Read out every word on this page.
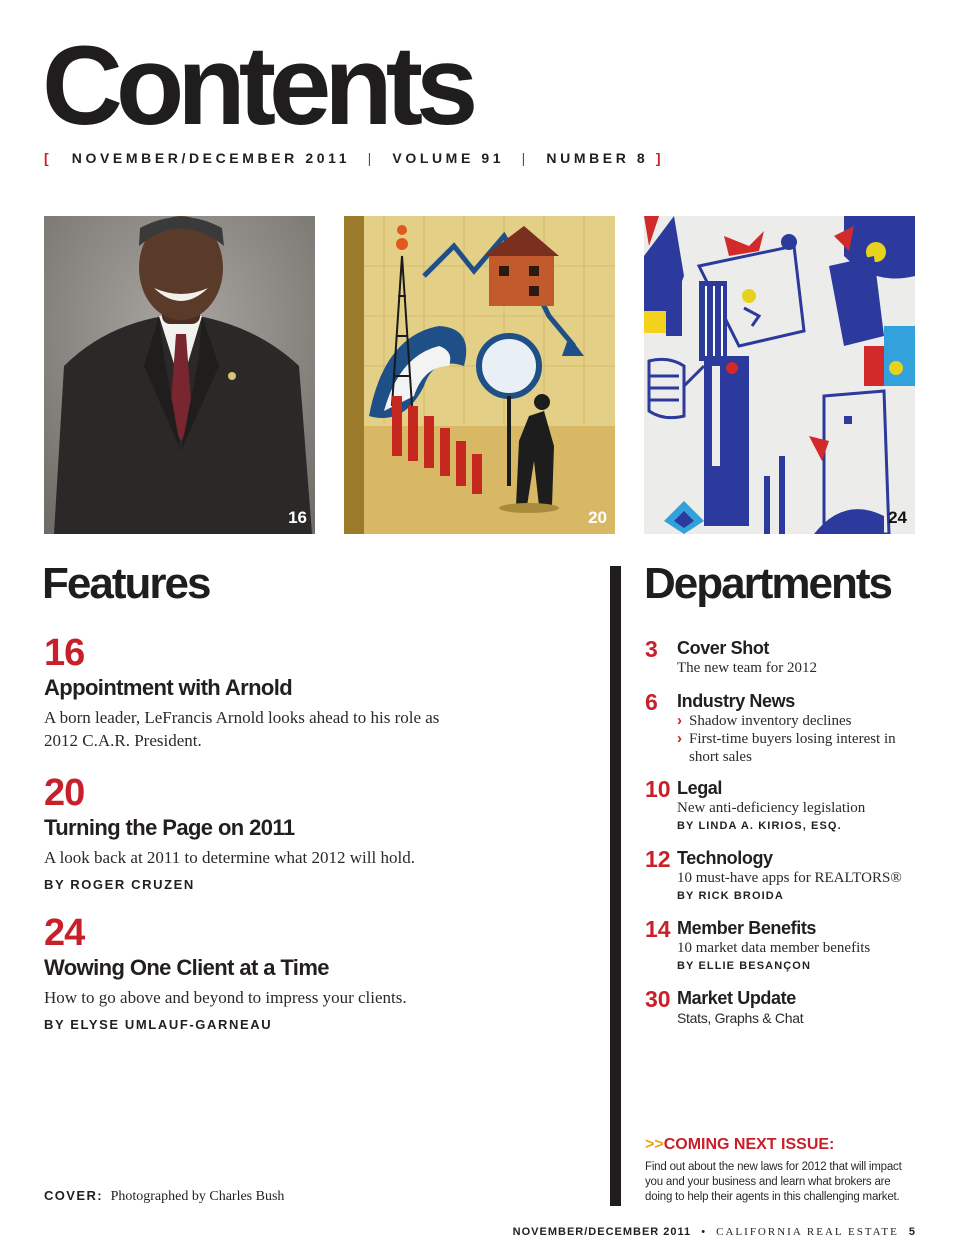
Contents
[ NOVEMBER/DECEMBER 2011 | VOLUME 91 | NUMBER 8 ]
16	20	24
Features
16
Appointment with Arnold
A born leader, LeFrancis Arnold looks ahead to his role as 2012 C.A.R. President.
20
Turning the Page on 2011
A look back at 2011 to determine what 2012 will hold.
BY ROGER CRUZEN
24
Wowing One Client at a Time
How to go above and beyond to impress your clients.
BY ELYSE UMLAUF-GARNEAU
Departments
3 Cover Shot
The new team for 2012
6 Industry News
› Shadow inventory declines
› First-time buyers losing interest in short sales
10 Legal
New anti-deficiency legislation
BY LINDA A. KIRIOS, ESQ.
12 Technology
10 must-have apps for REALTORS®
BY RICK BROIDA
14 Member Benefits
10 market data member benefits
BY ELLIE BESANÇON
30 Market Update
Stats, Graphs & Chat
>>COMING NEXT ISSUE:
Find out about the new laws for 2012 that will impact you and your business and learn what brokers are doing to help their agents in this challenging market.
COVER: Photographed by Charles Bush
NOVEMBER/DECEMBER 2011 • CALIFORNIA REAL ESTATE 5
